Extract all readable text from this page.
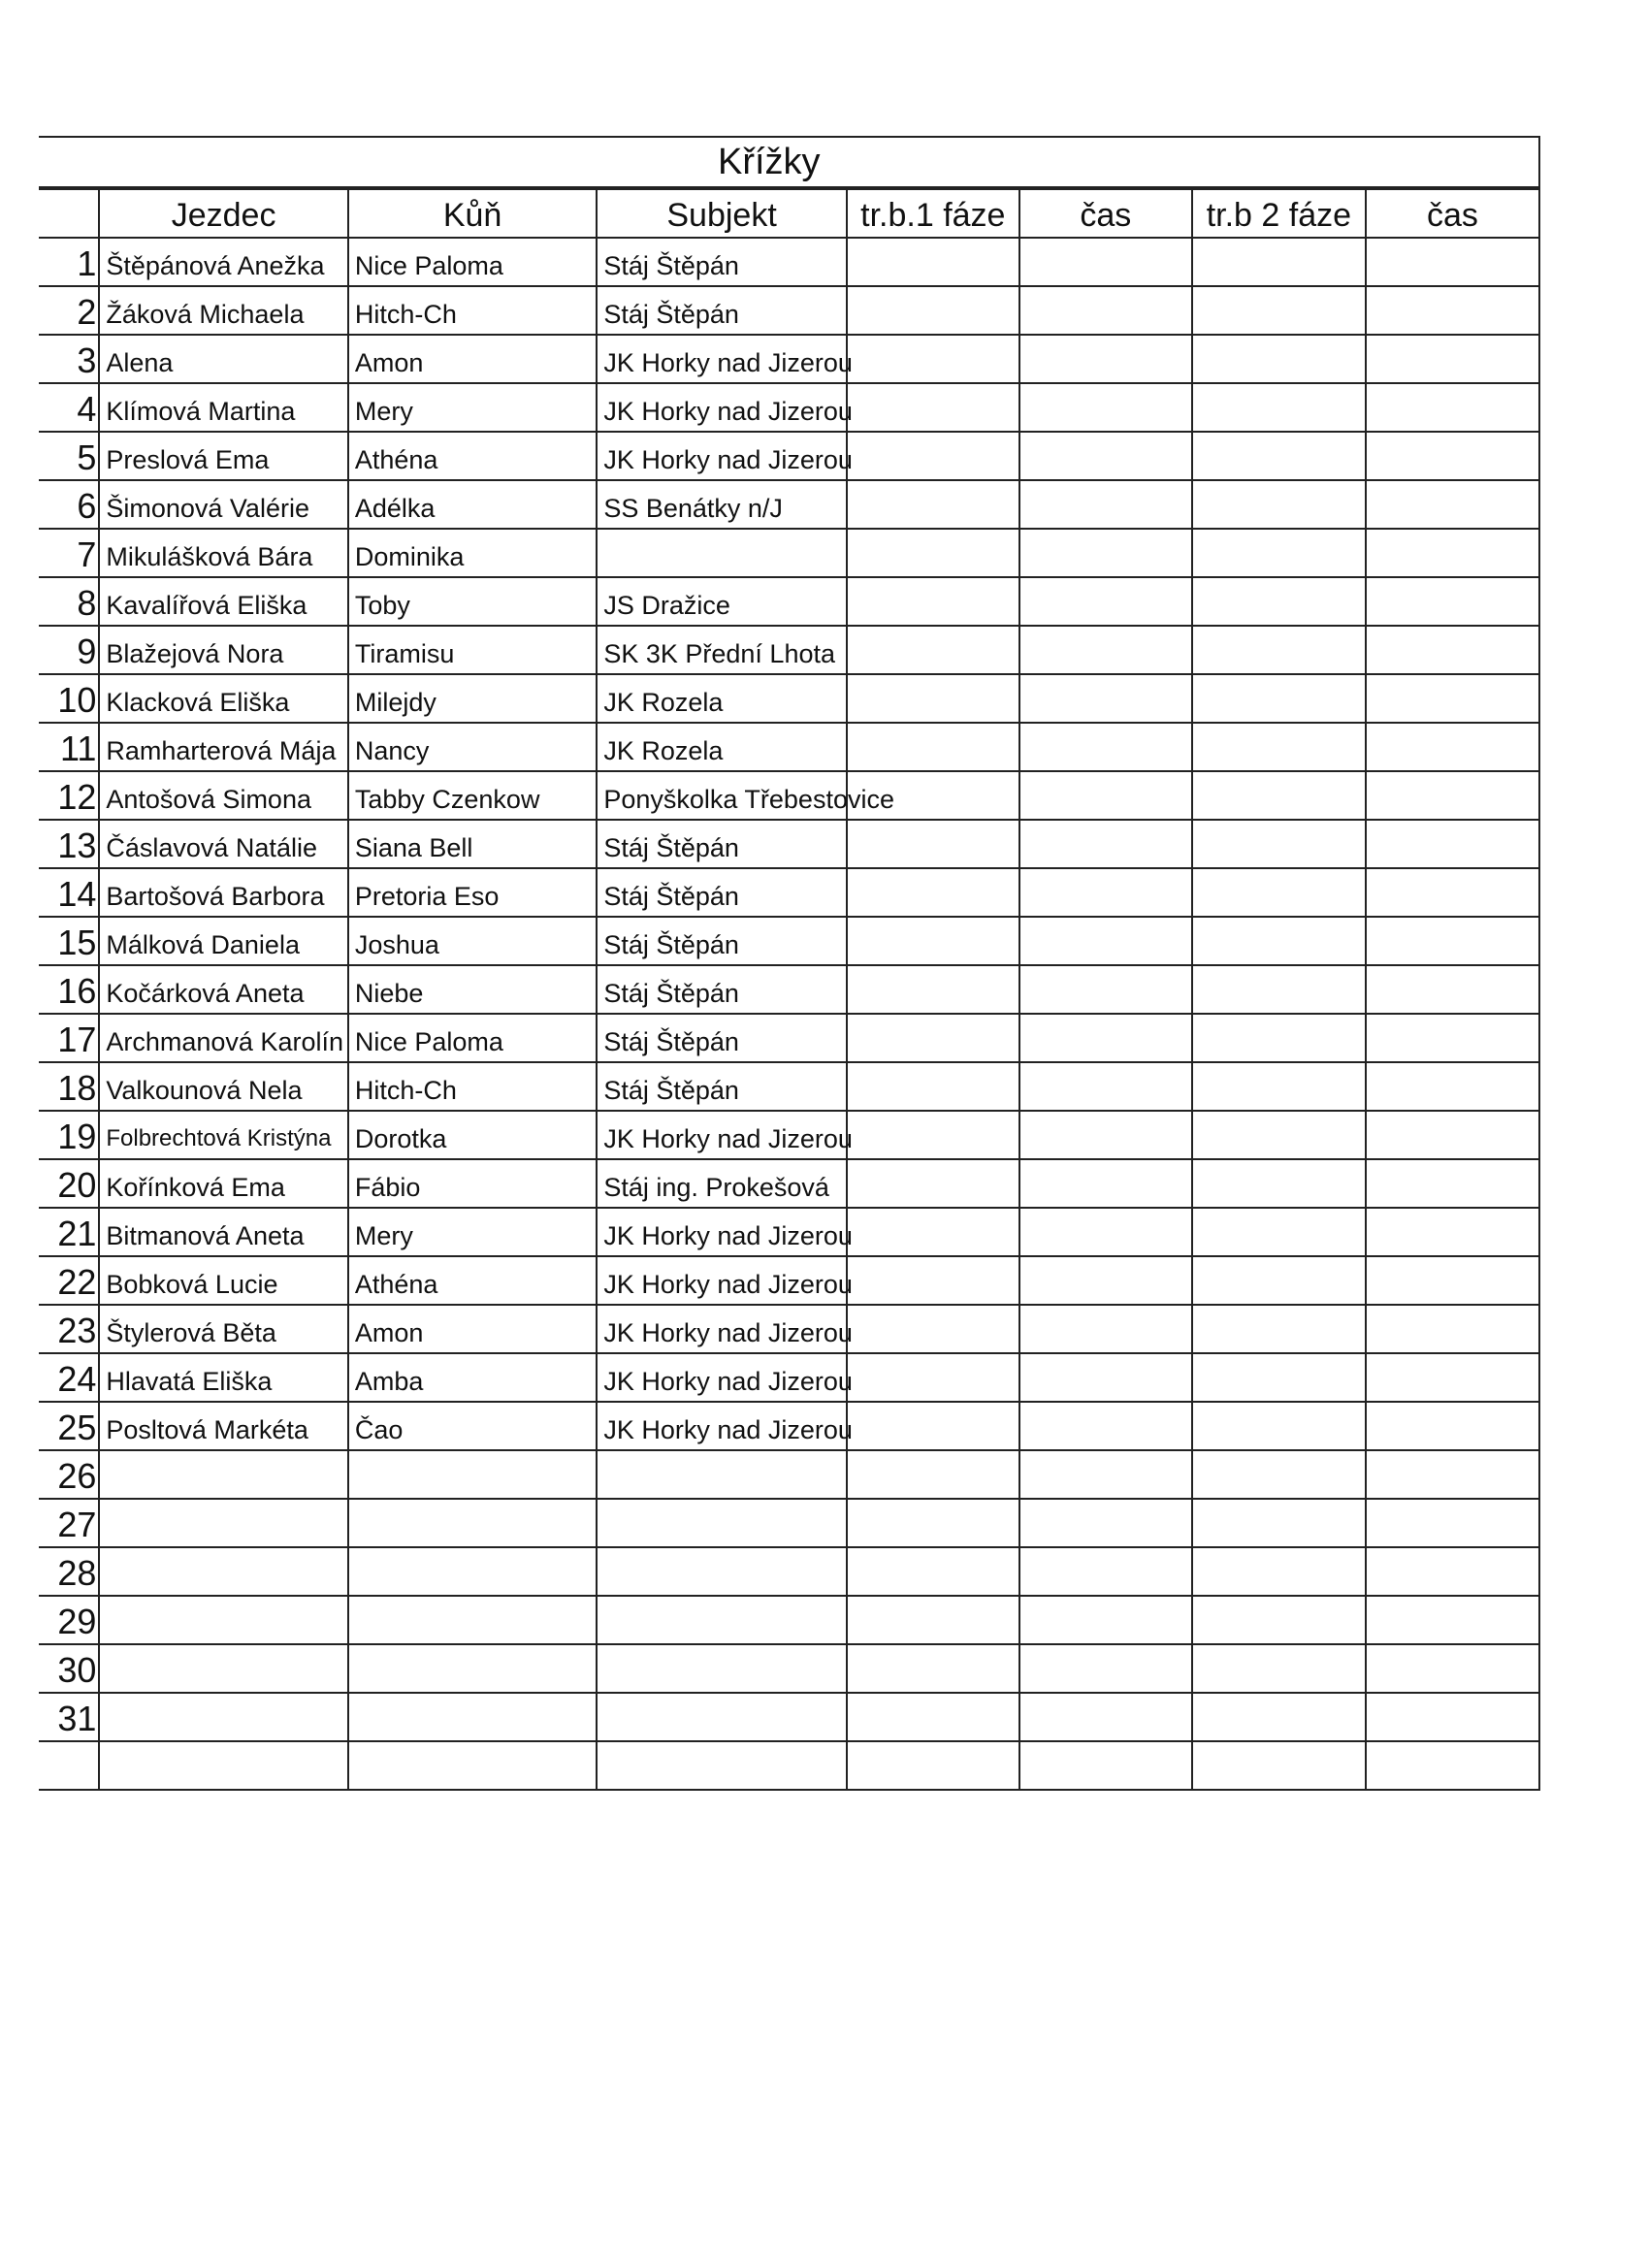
Křížky
	Jezdec	Kůň	Subjekt	tr.b.1 fáze	čas	tr.b 2 fáze	čas
1	Štěpánová Anežka	Nice Paloma	Stáj Štěpán				
2	Žáková Michaela	Hitch-Ch	Stáj Štěpán				
3	Alena	Amon	JK Horky nad Jizerou				
4	Klímová Martina	Mery	JK Horky nad Jizerou				
5	Preslová Ema	Athéna	JK Horky nad Jizerou				
6	Šimonová Valérie	Adélka	SS Benátky n/J				
7	Mikulášková Bára	Dominika					
8	Kavalířová Eliška	Toby	JS Dražice				
9	Blažejová Nora	Tiramisu	SK 3K Přední Lhota				
10	Klacková Eliška	Milejdy	JK Rozela				
11	Ramharterová Mája	Nancy	JK Rozela				
12	Antošová Simona	Tabby Czenkow	Ponyškolka Třebestovice				
13	Čáslavová Natálie	Siana Bell	Stáj Štěpán				
14	Bartošová Barbora	Pretoria Eso	Stáj Štěpán				
15	Málková Daniela	Joshua	Stáj Štěpán				
16	Kočárková Aneta	Niebe	Stáj Štěpán				
17	Archmanová Karolín	Nice Paloma	Stáj Štěpán				
18	Valkounová Nela	Hitch-Ch	Stáj Štěpán				
19	Folbrechtová Kristýna	Dorotka	JK Horky nad Jizerou				
20	Kořínková Ema	Fábio	Stáj ing. Prokešová				
21	Bitmanová Aneta	Mery	JK Horky nad Jizerou				
22	Bobková Lucie	Athéna	JK Horky nad Jizerou				
23	Štylerová Běta	Amon	JK Horky nad Jizerou				
24	Hlavatá Eliška	Amba	JK Horky nad Jizerou				
25	Posltová Markéta	Čao	JK Horky nad Jizerou				
26							
27							
28							
29							
30							
31							
